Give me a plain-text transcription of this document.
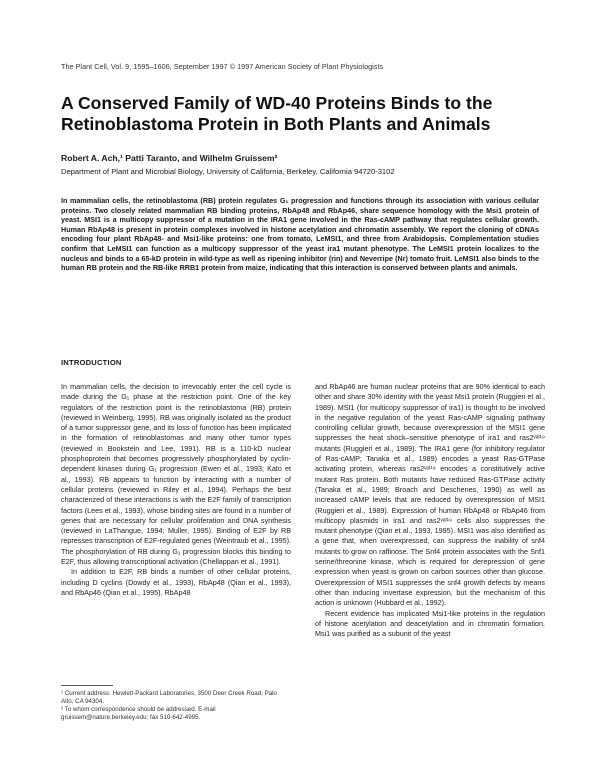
The Plant Cell, Vol. 9, 1595–1606, September 1997 © 1997 American Society of Plant Physiologists
A Conserved Family of WD-40 Proteins Binds to the Retinoblastoma Protein in Both Plants and Animals
Robert A. Ach,¹ Patti Taranto, and Wilhelm Gruissem²
Department of Plant and Microbial Biology, University of California, Berkeley, California 94720-3102

In mammalian cells, the retinoblastoma (RB) protein regulates G₁ progression and functions through its association with various cellular proteins. Two closely related mammalian RB binding proteins, RbAp48 and RbAp46, share sequence homology with the Msi1 protein of yeast. MSI1 is a multicopy suppressor of a mutation in the IRA1 gene involved in the Ras-cAMP pathway that regulates cellular growth. Human RbAp48 is present in protein complexes involved in histone acetylation and chromatin assembly. We report the cloning of cDNAs encoding four plant RbAp48- and Msi1-like proteins: one from tomato, LeMSI1, and three from Arabidopsis. Complementation studies confirm that LeMSI1 can function as a multicopy suppressor of the yeast ira1 mutant phenotype. The LeMSI1 protein localizes to the nucleus and binds to a 65-kD protein in wild-type as well as ripening inhibitor (rin) and Neverripe (Nr) tomato fruit. LeMSI1 also binds to the human RB protein and the RB-like RRB1 protein from maize, indicating that this interaction is conserved between plants and animals.

INTRODUCTION

In mammalian cells, the decision to irrevocably enter the cell cycle is made during the G₁ phase at the restriction point. One of the key regulators of the restriction point is the retinoblastoma (RB) protein (reviewed in Weinberg, 1995). RB was originally isolated as the product of a tumor suppressor gene, and its loss of function has been implicated in the formation of retinoblastomas and many other tumor types (reviewed in Bookstein and Lee, 1991). RB is a 110-kD nuclear phosphoprotein that becomes progressively phosphorylated by cyclin-dependent kinases during G₁ progression (Ewen et al., 1993; Kato et al., 1993). RB appears to function by interacting with a number of cellular proteins (reviewed in Riley et al., 1994). Perhaps the best characterized of these interactions is with the E2F family of transcription factors (Lees et al., 1993), whose binding sites are found in a number of genes that are necessary for cellular proliferation and DNA synthesis (reviewed in LaThangue, 1994; Muller, 1995). Binding of E2F by RB represses transcription of E2F-regulated genes (Weintraub et al., 1995). The phosphorylation of RB during G₁ progression blocks this binding to E2F, thus allowing transcriptional activation (Chellappan et al., 1991).

In addition to E2F, RB binds a number of other cellular proteins, including D cyclins (Dowdy et al., 1993), RbAp48 (Qian et al., 1993), and RbAp46 (Qian et al., 1995). RbAp48

and RbAp46 are human nuclear proteins that are 90% identical to each other and share 30% identity with the yeast Msi1 protein (Ruggieri et al., 1989). MSI1 (for multicopy suppressor of ira1) is thought to be involved in the negative regulation of the yeast Ras-cAMP signaling pathway controlling cellular growth, because overexpression of the MSI1 gene suppresses the heat shock–sensitive phenotype of ira1 and ras2ᵛᵃˡ¹⁹ mutants (Ruggieri et al., 1989). The IRA1 gene (for inhibitory regulator of Ras-cAMP; Tanaka et al., 1989) encodes a yeast Ras-GTPase activating protein, whereas ras2ᵛᵃˡ¹⁹ encodes a constitutively active mutant Ras protein. Both mutants have reduced Ras-GTPase activity (Tanaka et al., 1989; Broach and Deschenes, 1990) as well as increased cAMP levels that are reduced by overexpression of MSI1 (Ruggieri et al., 1989). Expression of human RbAp48 or RbAp46 from multicopy plasmids in ira1 and ras2ᵛᵃˡ¹⁹ cells also suppresses the mutant phenotype (Qian et al., 1993, 1995). MSI1 was also identified as a gene that, when overexpressed, can suppress the inability of snf4 mutants to grow on raffinose. The Snf4 protein associates with the Snf1 serine/threonine kinase, which is required for derepression of gene expression when yeast is grown on carbon sources other than glucose. Overexpression of MSI1 suppresses the snf4 growth defects by means other than inducing invertase expression, but the mechanism of this action is unknown (Hubbard et al., 1992).

Recent evidence has implicated Msi1-like proteins in the regulation of histone acetylation and deacetylation and in chromatin formation. Msi1 was purified as a subunit of the yeast

¹ Current address: Hewlett-Packard Laboratories, 3500 Deer Creek Road, Palo Alto, CA 94304.
² To whom correspondence should be addressed. E-mail gruissem@nature.berkeley.edu; fax 510-642-4995.
